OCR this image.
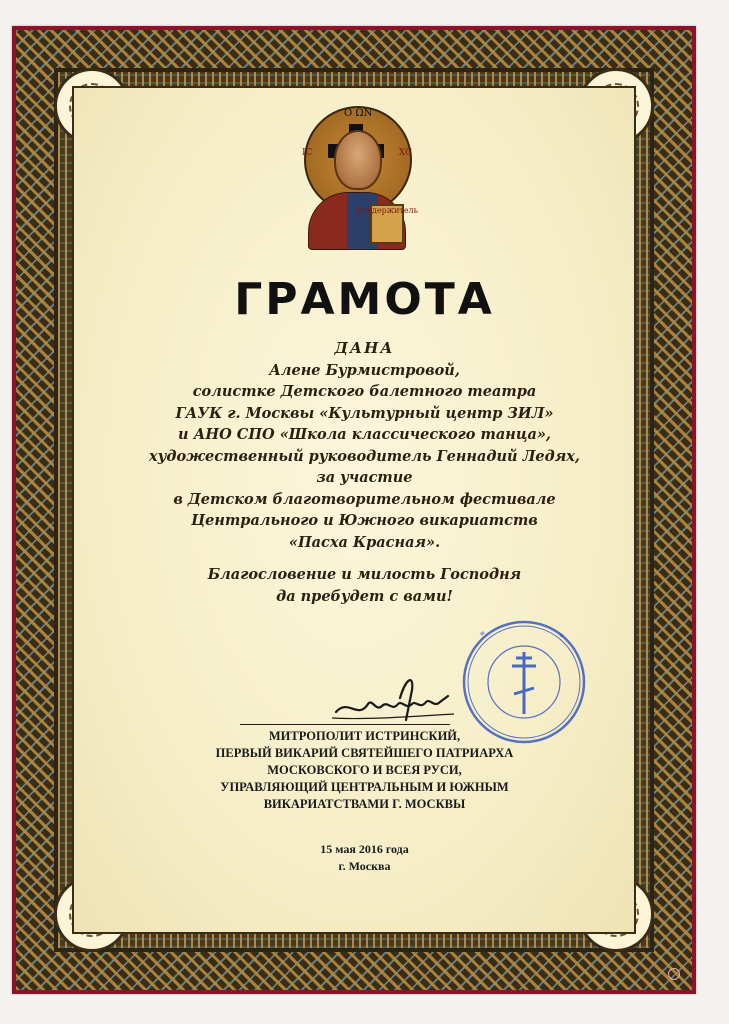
IC	XC
Ο ΩΝ
Вседержитель
ГРАМОТА
ДАНА
Алене Бурмистровой,
солистке Детского балетного театра
ГАУК г. Москвы «Культурный центр ЗИЛ»
и АНО СПО «Школа классического танца»,
художественный руководитель Геннадий Ледях,
за участие
в Детском благотворительном фестивале
Центрального и Южного викариатств
«Пасха Красная».
Благословение и милость Господня
да пребудет с вами!
МИТРОПОЛИТ ИСТРИНСКИЙ,
ПЕРВЫЙ ВИКАРИЙ СВЯТЕЙШЕГО ПАТРИАРХА
МОСКОВСКОГО И ВСЕЯ РУСИ,
УПРАВЛЯЮЩИЙ ЦЕНТРАЛЬНЫМ И ЮЖНЫМ
ВИКАРИАТСТВАМИ Г. МОСКВЫ
15 мая 2016 года
г. Москва
